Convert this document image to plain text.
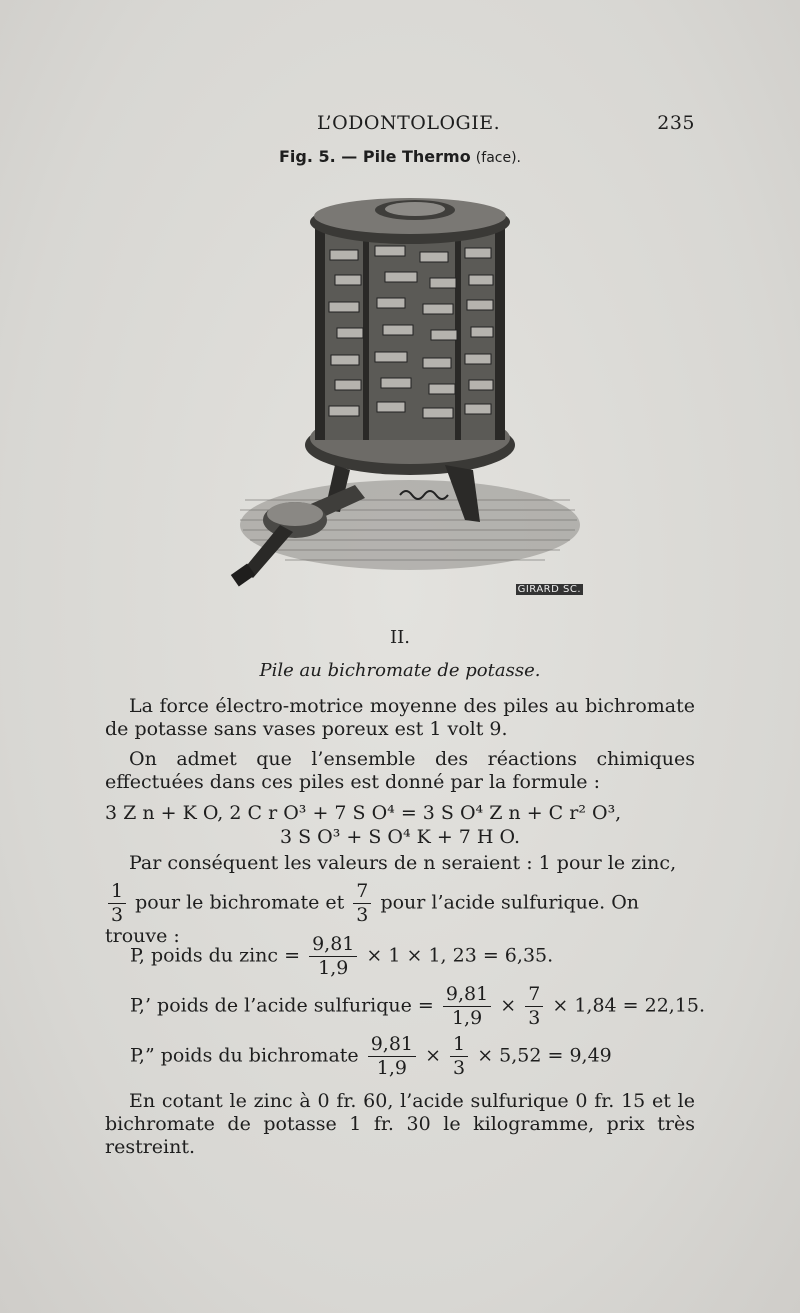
L’ODONTOLOGIE.	235
Fig. 5. — Pile Thermo (face).
GIRARD SC.
II.
Pile au bichromate de potasse.
La force électro-motrice moyenne des piles au bichromate de potasse sans vases poreux est 1 volt 9.
On admet que l’ensemble des réactions chimiques effectuées dans ces piles est donné par la formule :
3 Z n + K O, 2 C r O³ + 7 S O⁴ = 3 S O⁴ Z n + C r² O³,
3 S O³ + S O⁴ K + 7 H O.
Par conséquent les valeurs de n seraient : 1 pour le zinc,
$\frac{1}{3}$ pour le bichromate et $\frac{7}{3}$ pour l’acide sulfurique. On trouve :
P, poids du zinc = $\frac{9,81}{1,9} \times 1 \times 1$, 23 = 6,35.
P,’ poids de l’acide sulfurique = $\frac{9,81}{1,9} \times \frac{7}{3} \times 1,84 = 22,15$.
P,” poids du bichromate $\frac{9,81}{1,9} \times \frac{1}{3} \times 5,52 = 9,49$
En cotant le zinc à 0 fr. 60, l’acide sulfurique 0 fr. 15 et le bichromate de potasse 1 fr. 30 le kilogramme, prix très restreint.
